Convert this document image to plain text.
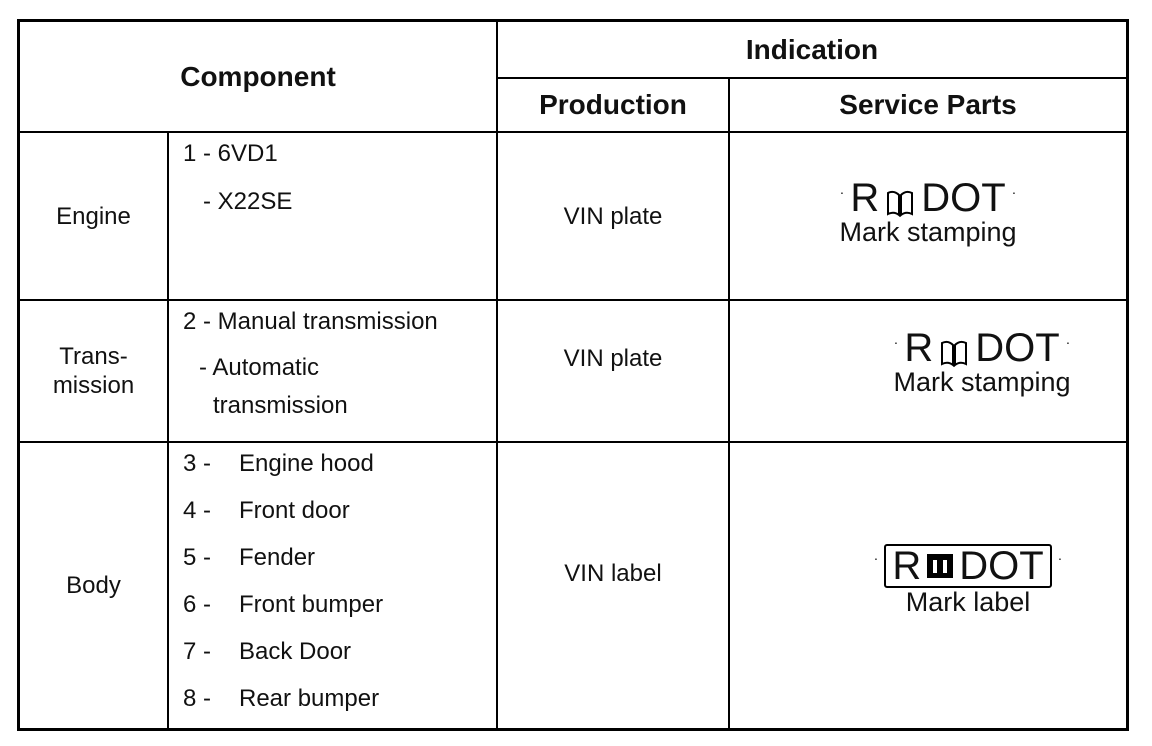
Component
Indication
Production	Service Parts
Engine
1 - 6VD1
- X22SE
VIN plate
· R DOT ·
Mark stamping
Trans-
mission
2 - Manual transmission
- Automatic
transmission
VIN plate
· R DOT ·
Mark stamping
Body
3 - Engine hood
4 - Front door
5 - Fender
6 - Front bumper
7 - Back Door
8 - Rear bumper
VIN label
· R DOT ·
Mark label
